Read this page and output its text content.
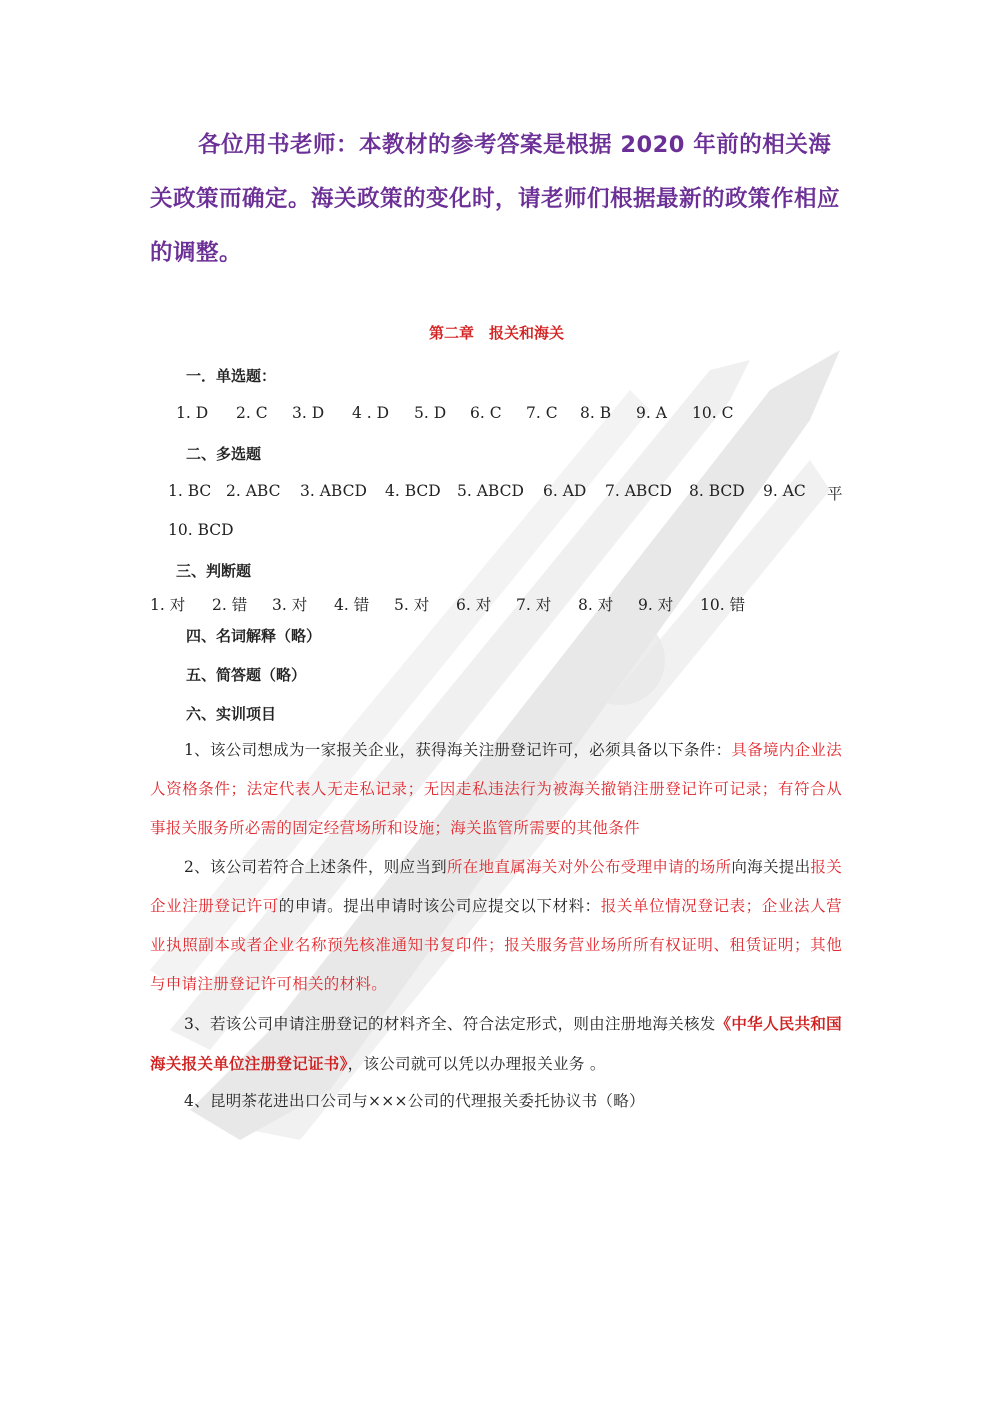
各位用书老师：本教材的参考答案是根据 2020 年前的相关海关政策而确定。海关政策的变化时，请老师们根据最新的政策作相应的调整。

第二章　报关和海关

一．单选题：

1. D	2. C	3. D	4 . D	5. D	6. C	7. C	8. B	9. A	10. C

二、多选题

1. BC 2. ABC	3. ABCD	4. BCD	5. ABCD	6. AD	7. ABCD	8. BCD	9. AC	平
10. BCD

三、判断题

1. 对	2. 错	3. 对	4. 错	5. 对	6. 对	7. 对	8. 对	9. 对	10. 错

四、名词解释（略）

五、简答题（略）

六、实训项目

1、该公司想成为一家报关企业，获得海关注册登记许可，必须具备以下条件：具备境内企业法人资格条件；法定代表人无走私记录；无因走私违法行为被海关撤销注册登记许可记录；有符合从事报关服务所必需的固定经营场所和设施；海关监管所需要的其他条件

2、该公司若符合上述条件，则应当到所在地直属海关对外公布受理申请的场所向海关提出报关企业注册登记许可的申请。提出申请时该公司应提交以下材料：报关单位情况登记表；企业法人营业执照副本或者企业名称预先核准通知书复印件；报关服务营业场所所有权证明、租赁证明；其他与申请注册登记许可相关的材料。

3、若该公司申请注册登记的材料齐全、符合法定形式，则由注册地海关核发《中华人民共和国海关报关单位注册登记证书》，该公司就可以凭以办理报关业务 。

4、昆明茶花进出口公司与×××公司的代理报关委托协议书（略）
